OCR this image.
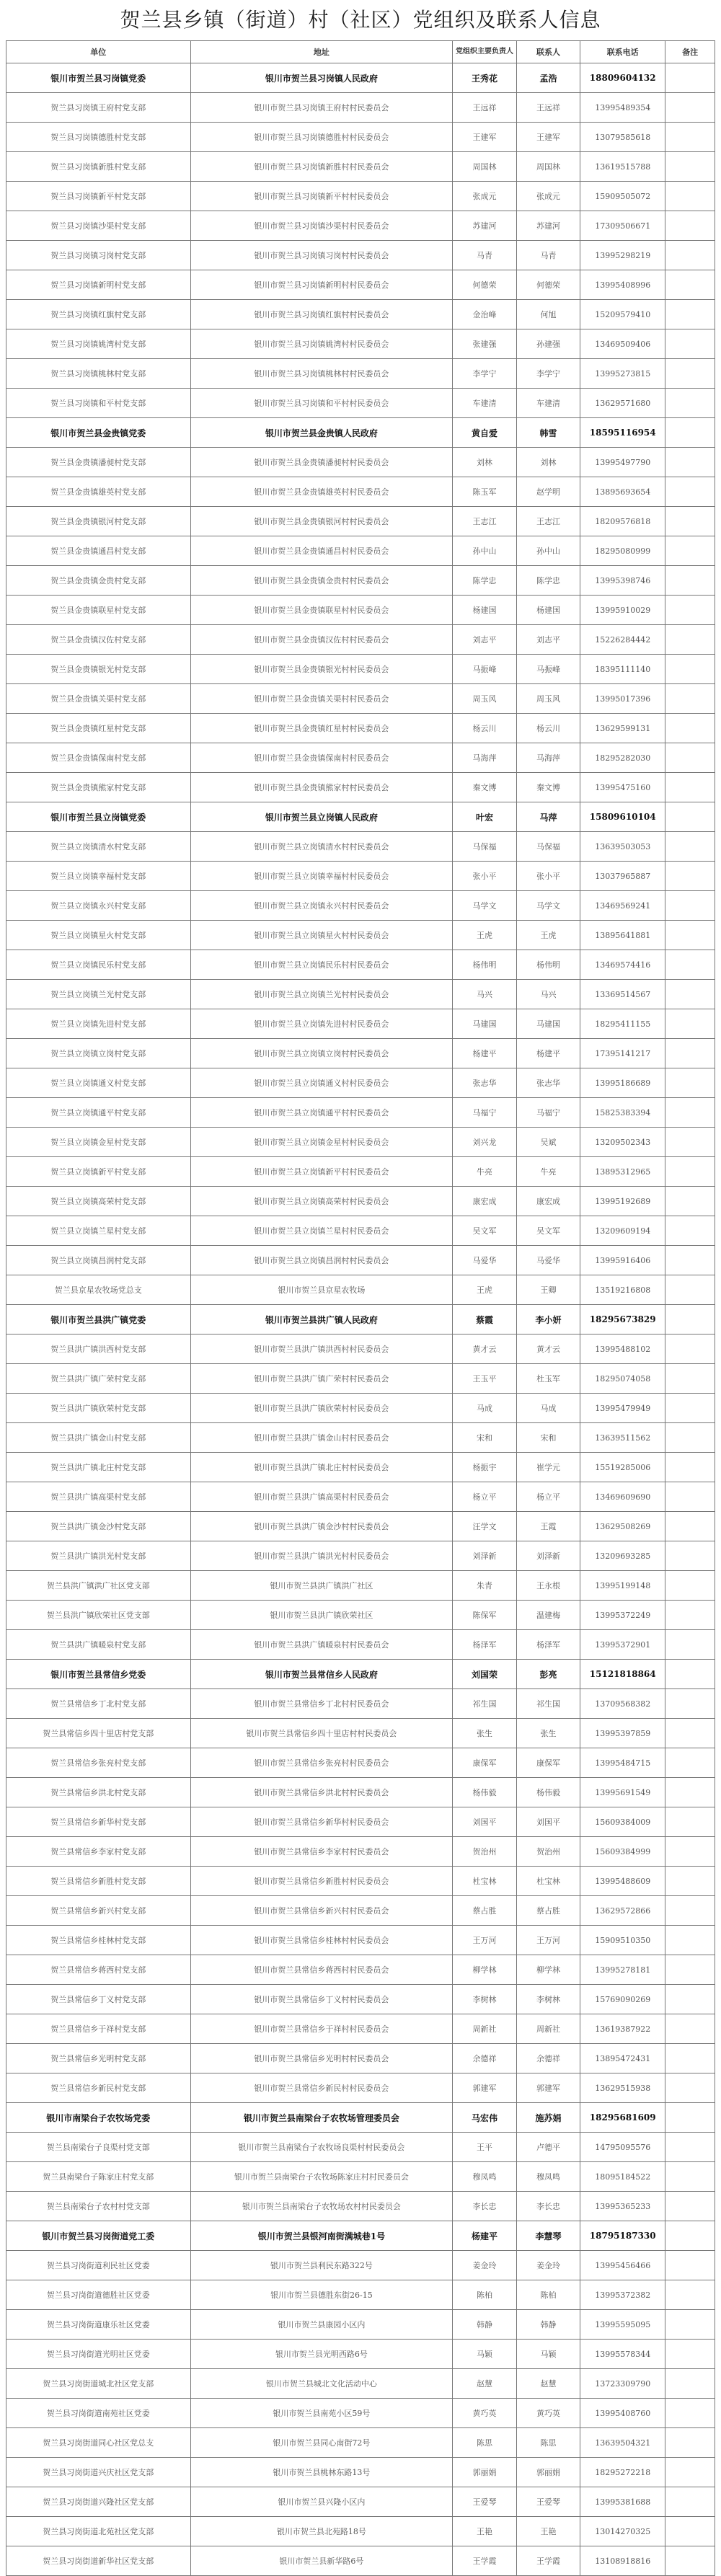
贺兰县乡镇（街道）村（社区）党组织及联系人信息
单位	地址	党组织主要负责人	联系人	联系电话	备注
银川市贺兰县习岗镇党委	银川市贺兰县习岗镇人民政府	王秀花	孟浩	18809604132	
贺兰县习岗镇王府村党支部	银川市贺兰县习岗镇王府村村民委员会	王远祥	王远祥	13995489354	
贺兰县习岗镇德胜村党支部	银川市贺兰县习岗镇德胜村村民委员会	王建军	王建军	13079585618	
贺兰县习岗镇新胜村党支部	银川市贺兰县习岗镇新胜村村民委员会	周国林	周国林	13619515788	
贺兰县习岗镇新平村党支部	银川市贺兰县习岗镇新平村村民委员会	张成元	张成元	15909505072	
贺兰县习岗镇沙渠村党支部	银川市贺兰县习岗镇沙渠村村民委员会	苏建河	苏建河	17309506671	
贺兰县习岗镇习岗村党支部	银川市贺兰县习岗镇习岗村村民委员会	马青	马青	13995298219	
贺兰县习岗镇新明村党支部	银川市贺兰县习岗镇新明村村民委员会	何德荣	何德荣	13995408996	
贺兰县习岗镇红旗村党支部	银川市贺兰县习岗镇红旗村村民委员会	金治峰	何旭	15209579410	
贺兰县习岗镇姚湾村党支部	银川市贺兰县习岗镇姚湾村村民委员会	张建强	孙建强	13469509406	
贺兰县习岗镇桃林村党支部	银川市贺兰县习岗镇桃林村村民委员会	李学宁	李学宁	13995273815	
贺兰县习岗镇和平村党支部	银川市贺兰县习岗镇和平村村民委员会	车建清	车建清	13629571680	
银川市贺兰县金贵镇党委	银川市贺兰县金贵镇人民政府	黄自爱	韩雪	18595116954	
贺兰县金贵镇潘昶村党支部	银川市贺兰县金贵镇潘昶村村民委员会	刘林	刘林	13995497790	
贺兰县金贵镇雄英村党支部	银川市贺兰县金贵镇雄英村村民委员会	陈玉军	赵学明	13895693654	
贺兰县金贵镇银河村党支部	银川市贺兰县金贵镇银河村村民委员会	王志江	王志江	18209576818	
贺兰县金贵镇通昌村党支部	银川市贺兰县金贵镇通昌村村民委员会	孙中山	孙中山	18295080999	
贺兰县金贵镇金贵村党支部	银川市贺兰县金贵镇金贵村村民委员会	陈学忠	陈学忠	13995398746	
贺兰县金贵镇联星村党支部	银川市贺兰县金贵镇联星村村民委员会	杨建国	杨建国	13995910029	
贺兰县金贵镇汉佐村党支部	银川市贺兰县金贵镇汉佐村村民委员会	刘志平	刘志平	15226284442	
贺兰县金贵镇银光村党支部	银川市贺兰县金贵镇银光村村民委员会	马振峰	马振峰	18395111140	
贺兰县金贵镇关渠村党支部	银川市贺兰县金贵镇关渠村村民委员会	周玉风	周玉风	13995017396	
贺兰县金贵镇红星村党支部	银川市贺兰县金贵镇红星村村民委员会	杨云川	杨云川	13629599131	
贺兰县金贵镇保南村党支部	银川市贺兰县金贵镇保南村村民委员会	马海萍	马海萍	18295282030	
贺兰县金贵镇熊家村党支部	银川市贺兰县金贵镇熊家村村民委员会	秦文博	秦文博	13995475160	
银川市贺兰县立岗镇党委	银川市贺兰县立岗镇人民政府	叶宏	马萍	15809610104	
贺兰县立岗镇清水村党支部	银川市贺兰县立岗镇清水村村民委员会	马保福	马保福	13639503053	
贺兰县立岗镇幸福村党支部	银川市贺兰县立岗镇幸福村村民委员会	张小平	张小平	13037965887	
贺兰县立岗镇永兴村党支部	银川市贺兰县立岗镇永兴村村民委员会	马学文	马学文	13469569241	
贺兰县立岗镇星火村党支部	银川市贺兰县立岗镇星火村村民委员会	王虎	王虎	13895641881	
贺兰县立岗镇民乐村党支部	银川市贺兰县立岗镇民乐村村民委员会	杨伟明	杨伟明	13469574416	
贺兰县立岗镇兰光村党支部	银川市贺兰县立岗镇兰光村村民委员会	马兴	马兴	13369514567	
贺兰县立岗镇先进村党支部	银川市贺兰县立岗镇先进村村民委员会	马建国	马建国	18295411155	
贺兰县立岗镇立岗村党支部	银川市贺兰县立岗镇立岗村村民委员会	杨建平	杨建平	17395141217	
贺兰县立岗镇通义村党支部	银川市贺兰县立岗镇通义村村民委员会	张志华	张志华	13995186689	
贺兰县立岗镇通平村党支部	银川市贺兰县立岗镇通平村村民委员会	马福宁	马福宁	15825383394	
贺兰县立岗镇金星村党支部	银川市贺兰县立岗镇金星村村民委员会	刘兴龙	吴斌	13209502343	
贺兰县立岗镇新平村党支部	银川市贺兰县立岗镇新平村村民委员会	牛亮	牛亮	13895312965	
贺兰县立岗镇高荣村党支部	银川市贺兰县立岗镇高荣村村民委员会	康宏成	康宏成	13995192689	
贺兰县立岗镇兰星村党支部	银川市贺兰县立岗镇兰星村村民委员会	吴文军	吴文军	13209609194	
贺兰县立岗镇昌润村党支部	银川市贺兰县立岗镇昌润村村民委员会	马爱华	马爱华	13995916406	
贺兰县京星农牧场党总支	银川市贺兰县京星农牧场	王虎	王卿	13519216808	
银川市贺兰县洪广镇党委	银川市贺兰县洪广镇人民政府	蔡霞	李小妍	18295673829	
贺兰县洪广镇洪西村党支部	银川市贺兰县洪广镇洪西村村民委员会	黄才云	黄才云	13995488102	
贺兰县洪广镇广荣村党支部	银川市贺兰县洪广镇广荣村村民委员会	王玉平	杜玉军	18295074058	
贺兰县洪广镇欣荣村党支部	银川市贺兰县洪广镇欣荣村村民委员会	马成	马成	13995479949	
贺兰县洪广镇金山村党支部	银川市贺兰县洪广镇金山村村民委员会	宋和	宋和	13639511562	
贺兰县洪广镇北庄村党支部	银川市贺兰县洪广镇北庄村村民委员会	杨振宇	崔学元	15519285006	
贺兰县洪广镇高渠村党支部	银川市贺兰县洪广镇高渠村村民委员会	杨立平	杨立平	13469609690	
贺兰县洪广镇金沙村党支部	银川市贺兰县洪广镇金沙村村民委员会	汪学文	王霞	13629508269	
贺兰县洪广镇洪光村党支部	银川市贺兰县洪广镇洪光村村民委员会	刘泽新	刘泽新	13209693285	
贺兰县洪广镇洪广社区党支部	银川市贺兰县洪广镇洪广社区	朱青	王永根	13995199148	
贺兰县洪广镇欣荣社区党支部	银川市贺兰县洪广镇欣荣社区	陈保军	温建梅	13995372249	
贺兰县洪广镇暖泉村党支部	银川市贺兰县洪广镇暖泉村村民委员会	杨泽军	杨泽军	13995372901	
银川市贺兰县常信乡党委	银川市贺兰县常信乡人民政府	刘国荣	彭亮	15121818864	
贺兰县常信乡丁北村党支部	银川市贺兰县常信乡丁北村村民委员会	祁生国	祁生国	13709568382	
贺兰县常信乡四十里店村党支部	银川市贺兰县常信乡四十里店村村民委员会	张生	张生	13995397859	
贺兰县常信乡张亮村党支部	银川市贺兰县常信乡张亮村村民委员会	康保军	康保军	13995484715	
贺兰县常信乡洪北村党支部	银川市贺兰县常信乡洪北村村民委员会	杨伟毅	杨伟毅	13995691549	
贺兰县常信乡新华村党支部	银川市贺兰县常信乡新华村村民委员会	刘国平	刘国平	15609384009	
贺兰县常信乡李家村党支部	银川市贺兰县常信乡李家村村民委员会	贺治州	贺治州	15609384999	
贺兰县常信乡新胜村党支部	银川市贺兰县常信乡新胜村村民委员会	杜宝林	杜宝林	13995488609	
贺兰县常信乡新兴村党支部	银川市贺兰县常信乡新兴村村民委员会	蔡占胜	蔡占胜	13629572866	
贺兰县常信乡桂林村党支部	银川市贺兰县常信乡桂林村村民委员会	王万河	王万河	15909510350	
贺兰县常信乡蒋西村党支部	银川市贺兰县常信乡蒋西村村民委员会	柳学林	柳学林	13995278181	
贺兰县常信乡丁义村党支部	银川市贺兰县常信乡丁义村村民委员会	李树林	李树林	15769090269	
贺兰县常信乡于祥村党支部	银川市贺兰县常信乡于祥村村民委员会	周新社	周新社	13619387922	
贺兰县常信乡光明村党支部	银川市贺兰县常信乡光明村村民委员会	余德祥	余德祥	13895472431	
贺兰县常信乡新民村党支部	银川市贺兰县常信乡新民村村民委员会	郭建军	郭建军	13629515938	
银川市南梁台子农牧场党委	银川市贺兰县南梁台子农牧场管理委员会	马宏伟	施苏娟	18295681609	
贺兰县南梁台子良渠村党支部	银川市贺兰县南梁台子农牧场良渠村村民委员会	王平	卢德平	14795095576	
贺兰县南梁台子陈家庄村党支部	银川市贺兰县南梁台子农牧场陈家庄村村民委员会	穆凤鸣	穆凤鸣	18095184522	
贺兰县南梁台子农村村党支部	银川市贺兰县南梁台子农牧场农村村民委员会	李长忠	李长忠	13995365233	
银川市贺兰县习岗街道党工委	银川市贺兰县银河南街满城巷1号	杨建平	李慧琴	18795187330	
贺兰县习岗街道利民社区党委	银川市贺兰县利民东路322号	姜金玲	姜金玲	13995456466	
贺兰县习岗街道德胜社区党委	银川市贺兰县德胜东街26-15	陈柏	陈柏	13995372382	
贺兰县习岗街道康乐社区党委	银川市贺兰县康园小区内	韩静	韩静	13995595095	
贺兰县习岗街道光明社区党委	银川市贺兰县光明西路6号	马颖	马颖	13995578344	
贺兰县习岗街道城北社区党支部	银川市贺兰县城北文化活动中心	赵慧	赵慧	13723309790	
贺兰县习岗街道南苑社区党委	银川市贺兰县南苑小区59号	黄巧英	黄巧英	13995408760	
贺兰县习岗街道同心社区党总支	银川市贺兰县同心南街72号	陈思	陈思	13639504321	
贺兰县习岗街道兴庆社区党支部	银川市贺兰县桃林东路13号	郭丽娟	郭丽娟	18295272218	
贺兰县习岗街道兴隆社区党支部	银川市贺兰县兴隆小区内	王爱琴	王爱琴	13995381688	
贺兰县习岗街道北苑社区党支部	银川市贺兰县北苑路18号	王艳	王艳	13014270325	
贺兰县习岗街道新华社区党支部	银川市贺兰县新华路6号	王学霞	王学霞	13108918816	
